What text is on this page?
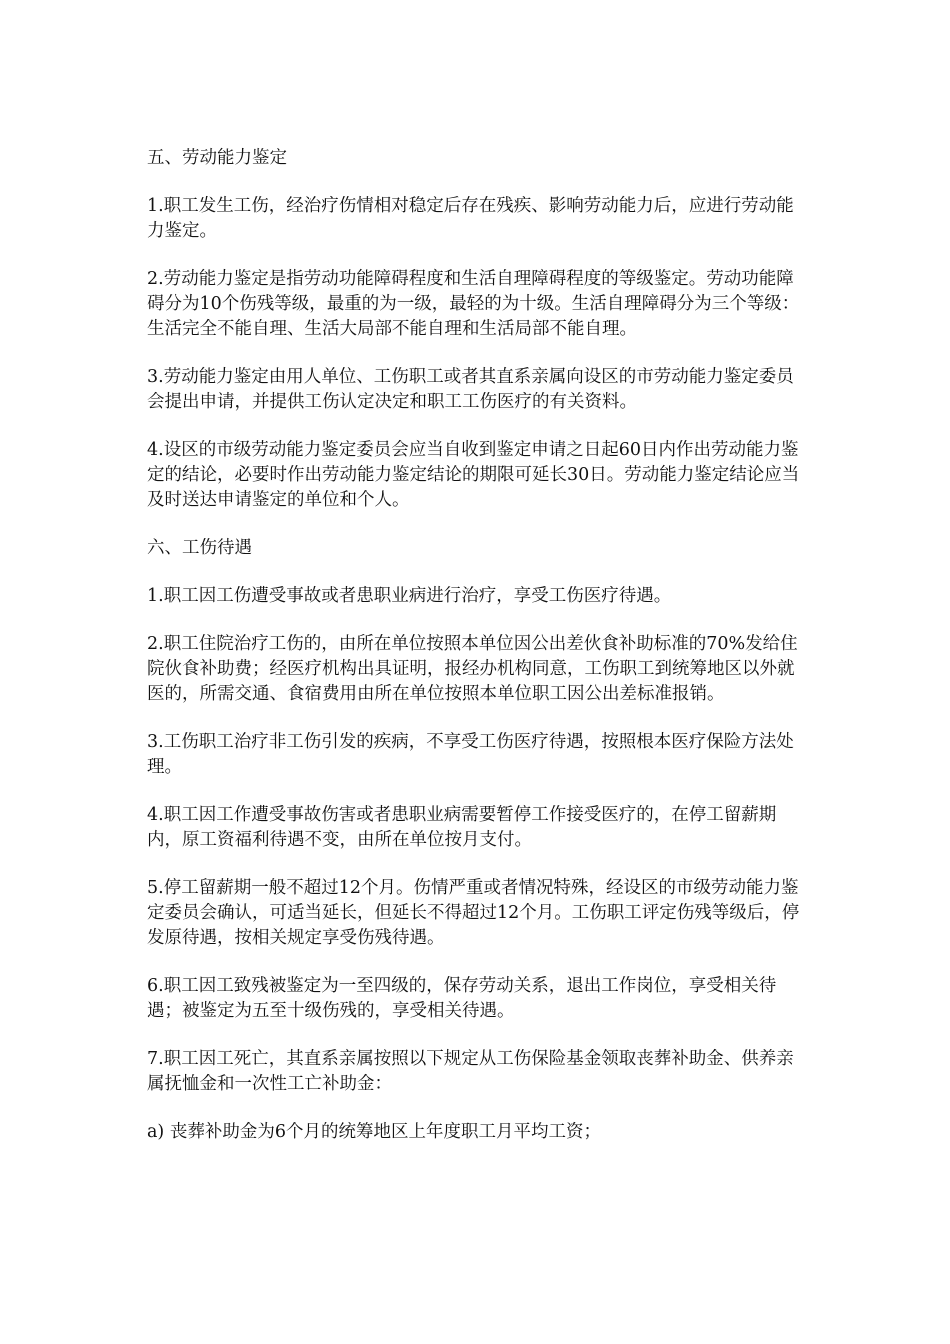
五、劳动能力鉴定

1.职工发生工伤，经治疗伤情相对稳定后存在残疾、影响劳动能力后，应进行劳动能力鉴定。

2.劳动能力鉴定是指劳动功能障碍程度和生活自理障碍程度的等级鉴定。劳动功能障碍分为10个伤残等级，最重的为一级，最轻的为十级。生活自理障碍分为三个等级：生活完全不能自理、生活大局部不能自理和生活局部不能自理。

3.劳动能力鉴定由用人单位、工伤职工或者其直系亲属向设区的市劳动能力鉴定委员会提出申请，并提供工伤认定决定和职工工伤医疗的有关资料。

4.设区的市级劳动能力鉴定委员会应当自收到鉴定申请之日起60日内作出劳动能力鉴定的结论，必要时作出劳动能力鉴定结论的期限可延长30日。劳动能力鉴定结论应当及时送达申请鉴定的单位和个人。

六、工伤待遇

1.职工因工伤遭受事故或者患职业病进行治疗，享受工伤医疗待遇。

2.职工住院治疗工伤的，由所在单位按照本单位因公出差伙食补助标准的70%发给住院伙食补助费；经医疗机构出具证明，报经办机构同意，工伤职工到统筹地区以外就医的，所需交通、食宿费用由所在单位按照本单位职工因公出差标准报销。

3.工伤职工治疗非工伤引发的疾病，不享受工伤医疗待遇，按照根本医疗保险方法处理。

4.职工因工作遭受事故伤害或者患职业病需要暂停工作接受医疗的，在停工留薪期内，原工资福利待遇不变，由所在单位按月支付。

5.停工留薪期一般不超过12个月。伤情严重或者情况特殊，经设区的市级劳动能力鉴定委员会确认，可适当延长，但延长不得超过12个月。工伤职工评定伤残等级后，停发原待遇，按相关规定享受伤残待遇。

6.职工因工致残被鉴定为一至四级的，保存劳动关系，退出工作岗位，享受相关待遇；被鉴定为五至十级伤残的，享受相关待遇。

7.职工因工死亡，其直系亲属按照以下规定从工伤保险基金领取丧葬补助金、供养亲属抚恤金和一次性工亡补助金：

a) 丧葬补助金为6个月的统筹地区上年度职工月平均工资；
